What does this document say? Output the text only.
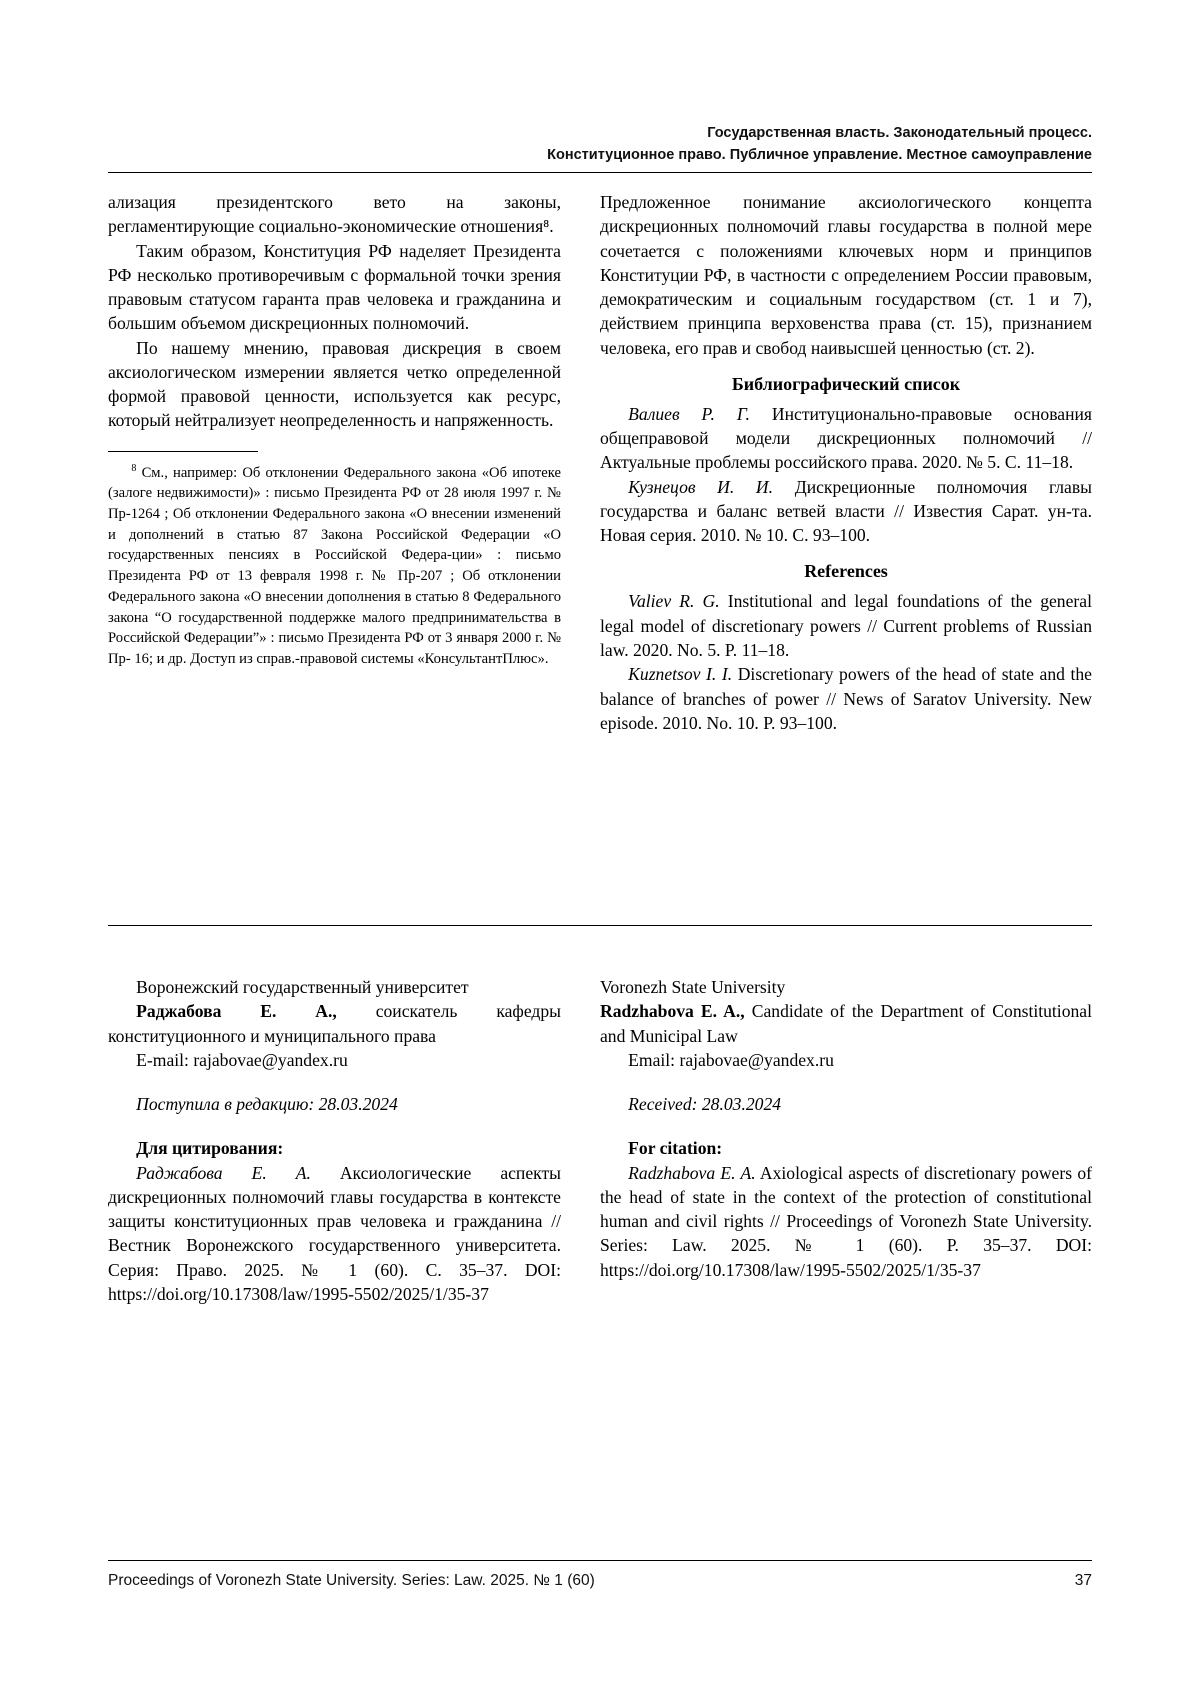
Государственная власть. Законодательный процесс.
Конституционное право. Публичное управление. Местное самоуправление

ализация президентского вето на законы, регламентирующие социально-экономические отношения⁸.

Таким образом, Конституция РФ наделяет Президента РФ несколько противоречивым с формальной точки зрения правовым статусом гаранта прав человека и гражданина и большим объемом дискреционных полномочий.

По нашему мнению, правовая дискреция в своем аксиологическом измерении является четко определенной формой правовой ценности, используется как ресурс, который нейтрализует неопределенность и напряженность.

$^8$ См., например: Об отклонении Федерального закона «Об ипотеке (залоге недвижимости)» : письмо Президента РФ от 28 июля 1997 г. № Пр-1264 ; Об отклонении Федерального закона «О внесении изменений и дополнений в статью 87 Закона Российской Федерации «О государственных пенсиях в Российской Федера-ции» : письмо Президента РФ от 13 февраля 1998 г. № Пр-207 ; Об отклонении Федерального закона «О внесении дополнения в статью 8 Федерального закона “О государственной поддержке малого предпринимательства в Российской Федерации”» : письмо Президента РФ от 3 января 2000 г. № Пр- 16; и др. Доступ из справ.-правовой системы «КонсультантПлюс».

Предложенное понимание аксиологического концепта дискреционных полномочий главы государства в полной мере сочетается с положениями ключевых норм и принципов Конституции РФ, в частности с определением России правовым, демократическим и социальным государством (ст. 1 и 7), действием принципа верховенства права (ст. 15), признанием человека, его прав и свобод наивысшей ценностью (ст. 2).

Библиографический список

Валиев Р. Г. Институционально-правовые основания общеправовой модели дискреционных полномочий // Актуальные проблемы российского права. 2020. № 5. С. 11–18.

Кузнецов И. И. Дискреционные полномочия главы государства и баланс ветвей власти // Известия Сарат. ун-та. Новая серия. 2010. № 10. С. 93–100.

References

Valiev R. G. Institutional and legal foundations of the general legal model of discretionary powers // Current problems of Russian law. 2020. No. 5. P. 11–18.

Kuznetsov I. I. Discretionary powers of the head of state and the balance of branches of power // News of Saratov University. New episode. 2010. No. 10. P. 93–100.

Воронежский государственный университет

Раджабова Е. А., соискатель кафедры конституционного и муниципального права

E-mail: rajabovae@yandex.ru

Поступила в редакцию: 28.03.2024

Для цитирования:

Раджабова Е. А. Аксиологические аспекты дискреционных полномочий главы государства в контексте защиты конституционных прав человека и гражданина // Вестник Воронежского государственного университета. Серия: Право. 2025. № 1 (60). C. 35–37. DOI: https://doi.org/10.17308/law/1995-5502/2025/1/35-37

Voronezh State University

Radzhabova E. A., Candidate of the Department of Constitutional and Municipal Law

Email: rajabovae@yandex.ru

Received: 28.03.2024

For citation:

Radzhabova E. A. Axiological aspects of discretionary powers of the head of state in the context of the protection of constitutional human and civil rights // Proceedings of Voronezh State University. Series: Law. 2025. № 1 (60). P. 35–37. DOI: https://doi.org/10.17308/law/1995-5502/2025/1/35-37

Proceedings of Voronezh State University. Series: Law. 2025. № 1 (60)	37
